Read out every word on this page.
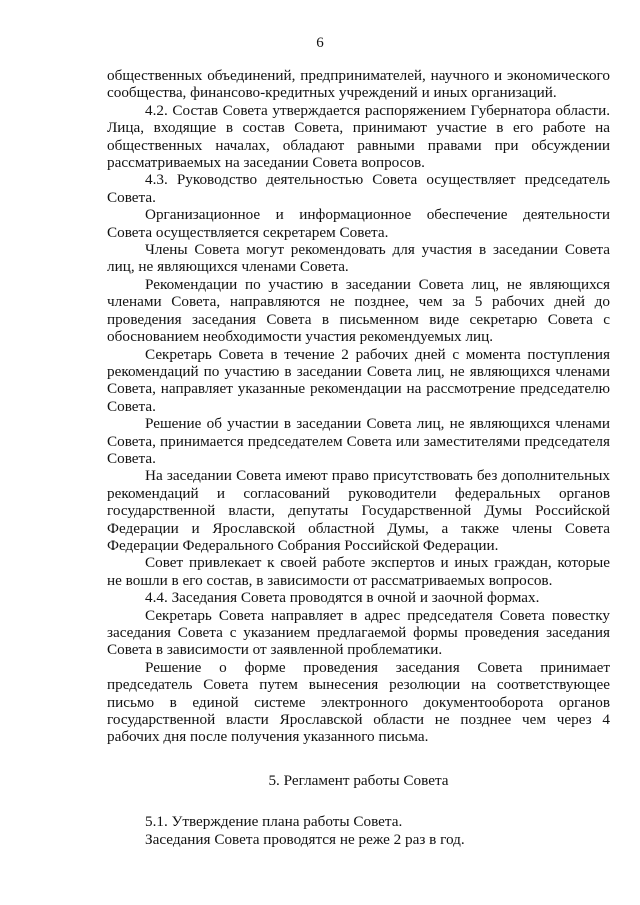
6

общественных объединений, предпринимателей, научного и экономического сообщества, финансово-кредитных учреждений и иных организаций.

4.2. Состав Совета утверждается распоряжением Губернатора области. Лица, входящие в состав Совета, принимают участие в его работе на общественных началах, обладают равными правами при обсуждении рассматриваемых на заседании Совета вопросов.

4.3. Руководство деятельностью Совета осуществляет председатель Совета.

Организационное и информационное обеспечение деятельности Совета осуществляется секретарем Совета.

Члены Совета могут рекомендовать для участия в заседании Совета лиц, не являющихся членами Совета.

Рекомендации по участию в заседании Совета лиц, не являющихся членами Совета, направляются не позднее, чем за 5 рабочих дней до проведения заседания Совета в письменном виде секретарю Совета с обоснованием необходимости участия рекомендуемых лиц.

Секретарь Совета в течение 2 рабочих дней с момента поступления рекомендаций по участию в заседании Совета лиц, не являющихся членами Совета, направляет указанные рекомендации на рассмотрение председателю Совета.

Решение об участии в заседании Совета лиц, не являющихся членами Совета, принимается председателем Совета или заместителями председателя Совета.

На заседании Совета имеют право присутствовать без дополнительных рекомендаций и согласований руководители федеральных органов государственной власти, депутаты Государственной Думы Российской Федерации и Ярославской областной Думы, а также члены Совета Федерации Федерального Собрания Российской Федерации.

Совет привлекает к своей работе экспертов и иных граждан, которые не вошли в его состав, в зависимости от рассматриваемых вопросов.

4.4. Заседания Совета проводятся в очной и заочной формах.

Секретарь Совета направляет в адрес председателя Совета повестку заседания Совета с указанием предлагаемой формы проведения заседания Совета в зависимости от заявленной проблематики.

Решение о форме проведения заседания Совета принимает председатель Совета путем вынесения резолюции на соответствующее письмо в единой системе электронного документооборота органов государственной власти Ярославской области не позднее чем через 4 рабочих дня после получения указанного письма.

5. Регламент работы Совета

5.1. Утверждение плана работы Совета.

Заседания Совета проводятся не реже 2 раз в год.
